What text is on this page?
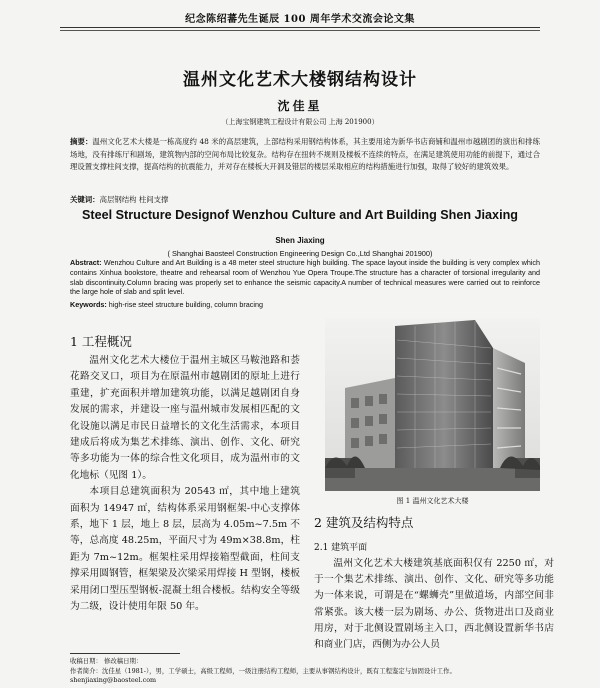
纪念陈绍蕃先生诞辰 100 周年学术交流会论文集
温州文化艺术大楼钢结构设计
沈佳星
（上海宝钢建筑工程设计有限公司 上海 201900）
摘要：温州文化艺术大楼是一栋高度约 48 米的高层建筑，上部结构采用钢结构体系，其主要用途为新华书店商铺和温州市越剧团的演出和排练场地，没有排练厅和剧场，建筑物内部的空间布局比较复杂。结构存在扭转不规则及楼板不连续的特点，在满足建筑使用功能的前提下，通过合理设置支撑柱间支撑，提高结构的抗震能力，并对存在楼板大开洞及错层的楼层采取相应的结构措施进行加强，取得了较好的建筑效果。
关键词：高层钢结构 柱间支撑
Steel Structure Designof Wenzhou Culture and Art Building Shen Jiaxing
Shen Jiaxing
( Shanghai Baosteel Construction Engineering Design Co.,Ltd Shanghai 201900)
Abstract: Wenzhou Culture and Art Building is a 48 meter steel structure high building. The space layout inside the building is very complex which contains Xinhua bookstore, theatre and rehearsal room of Wenzhou Yue Opera Troupe.The structure has a character of torsional irregularity and slab discontinuity.Column bracing was properly set to enhance the seismic capacity.A number of technical measures were carried out to reinforce the large hole of slab and split level.
Keywords: high-rise steel structure building, column bracing
1 工程概况

温州文化艺术大楼位于温州主城区马鞍池路和荟花路交叉口，项目为在原温州市越剧团的原址上进行重建，扩充面积并增加建筑功能，以满足越剧团自身发展的需求，并建设一座与温州城市发展相匹配的文化设施以满足市民日益增长的文化生活需求，本项目建成后将成为集艺术排练、演出、创作、文化、研究等多功能为一体的综合性文化项目，成为温州市的文化地标（见图 1）。

本项目总建筑面积为 20543 ㎡，其中地上建筑面积为 14947 ㎡，结构体系采用钢框架-中心支撑体系，地下 1 层，地上 8 层，层高为 4.05m~7.5m 不等，总高度 48.25m，平面尺寸为 49m×38.8m，柱距为 7m~12m。框架柱采用焊接箱型截面，柱间支撑采用圆钢管，框架梁及次梁采用焊接 H 型钢，楼板采用闭口型压型钢板-混凝土组合楼板。结构安全等级为二级，设计使用年限 50 年。

图 1 温州文化艺术大楼
2 建筑及结构特点
2.1 建筑平面

温州文化艺术大楼建筑基底面积仅有 2250 ㎡，对于一个集艺术排练、演出、创作、文化、研究等多功能为一体来说，可谓是在“螺蛳壳”里做道场，内部空间非常紧张。该大楼一层为剧场、办公、货物进出口及商业用房，对于北侧设置剧场主入口，西北侧设置新华书店和商业门店，西侧为办公人员

收稿日期： 修改稿日期：
作者简介：沈佳星（1981-），男，工学硕士，高级工程师，一级注册结构工程师，主要从事钢结构设计，既有工程鉴定与加固设计工作。
shenjiaxing@baosteel.com
